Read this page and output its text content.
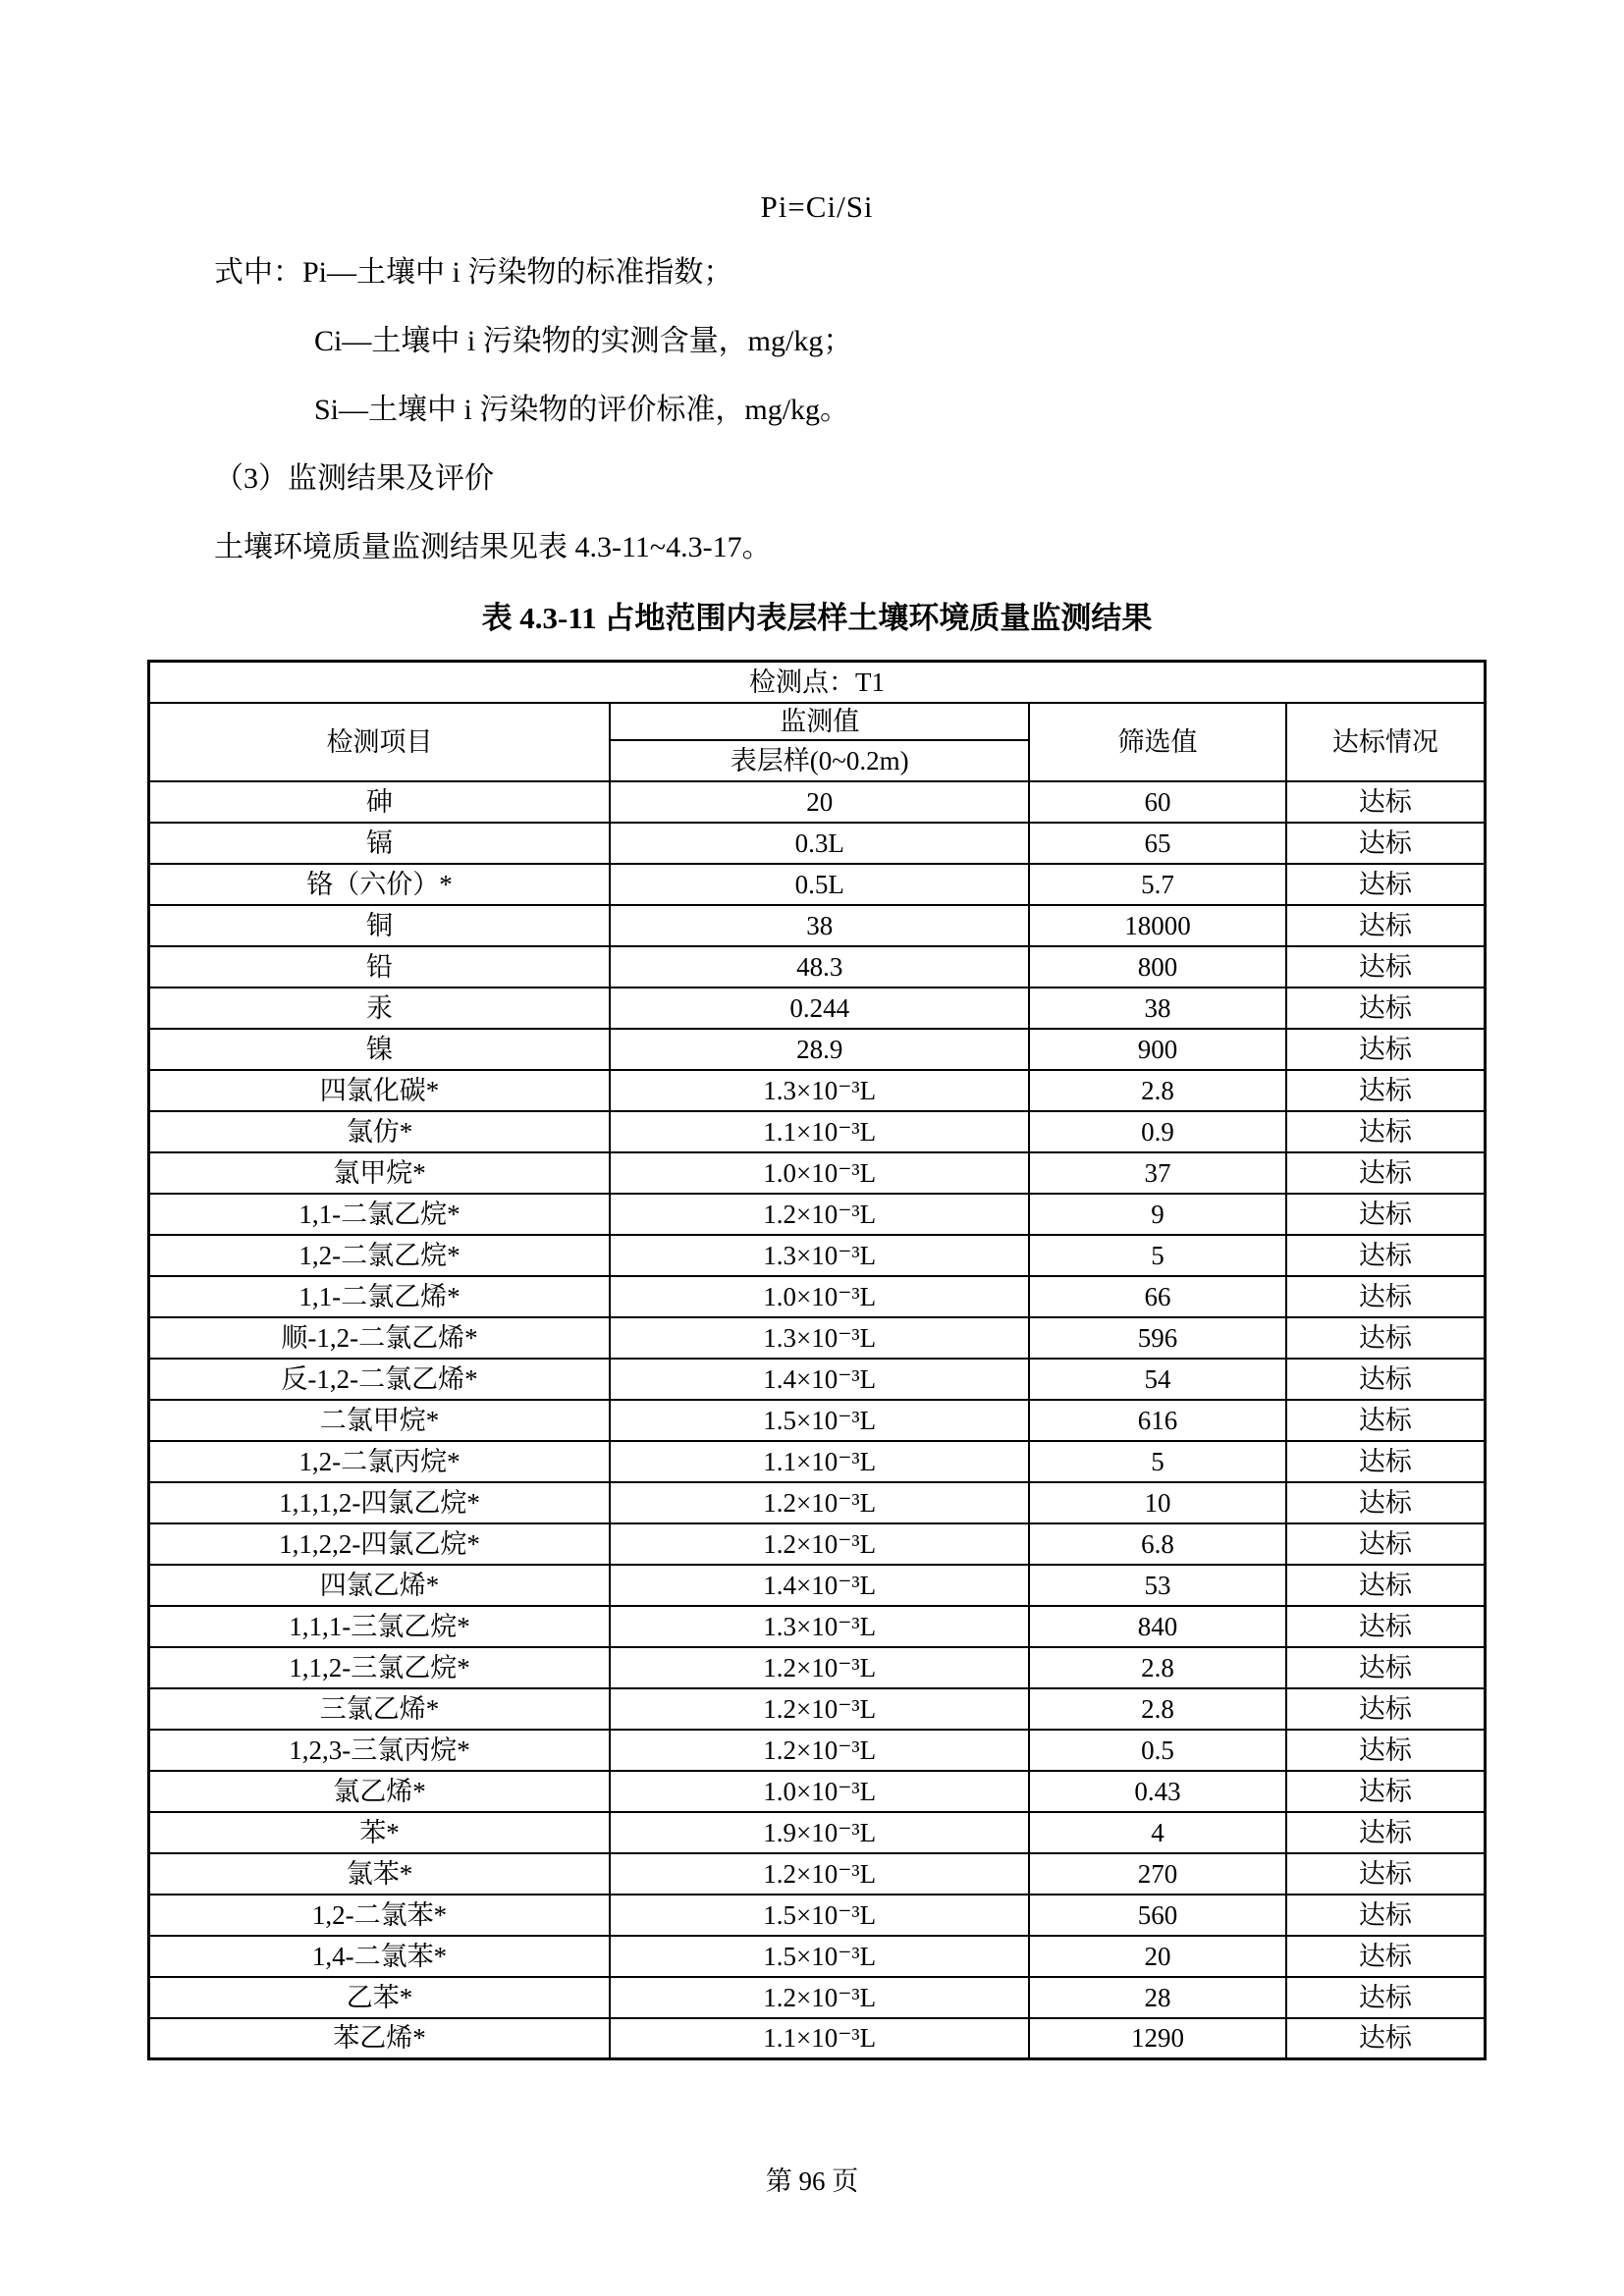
Pi=Ci/Si

式中：Pi—土壤中 i 污染物的标准指数；

Ci—土壤中 i 污染物的实测含量，mg/kg；

Si—土壤中 i 污染物的评价标准，mg/kg。

（3）监测结果及评价

土壤环境质量监测结果见表 4.3-11~4.3-17。

表 4.3-11 占地范围内表层样土壤环境质量监测结果
检测点：T1			
检测项目	监测值	筛选值	达标情况
	表层样(0~0.2m)		
砷	20	60	达标
镉	0.3L	65	达标
铬（六价）*	0.5L	5.7	达标
铜	38	18000	达标
铅	48.3	800	达标
汞	0.244	38	达标
镍	28.9	900	达标
四氯化碳*	1.3×10⁻³L	2.8	达标
氯仿*	1.1×10⁻³L	0.9	达标
氯甲烷*	1.0×10⁻³L	37	达标
1,1-二氯乙烷*	1.2×10⁻³L	9	达标
1,2-二氯乙烷*	1.3×10⁻³L	5	达标
1,1-二氯乙烯*	1.0×10⁻³L	66	达标
顺-1,2-二氯乙烯*	1.3×10⁻³L	596	达标
反-1,2-二氯乙烯*	1.4×10⁻³L	54	达标
二氯甲烷*	1.5×10⁻³L	616	达标
1,2-二氯丙烷*	1.1×10⁻³L	5	达标
1,1,1,2-四氯乙烷*	1.2×10⁻³L	10	达标
1,1,2,2-四氯乙烷*	1.2×10⁻³L	6.8	达标
四氯乙烯*	1.4×10⁻³L	53	达标
1,1,1-三氯乙烷*	1.3×10⁻³L	840	达标
1,1,2-三氯乙烷*	1.2×10⁻³L	2.8	达标
三氯乙烯*	1.2×10⁻³L	2.8	达标
1,2,3-三氯丙烷*	1.2×10⁻³L	0.5	达标
氯乙烯*	1.0×10⁻³L	0.43	达标
苯*	1.9×10⁻³L	4	达标
氯苯*	1.2×10⁻³L	270	达标
1,2-二氯苯*	1.5×10⁻³L	560	达标
1,4-二氯苯*	1.5×10⁻³L	20	达标
乙苯*	1.2×10⁻³L	28	达标
苯乙烯*	1.1×10⁻³L	1290	达标
第 96 页
